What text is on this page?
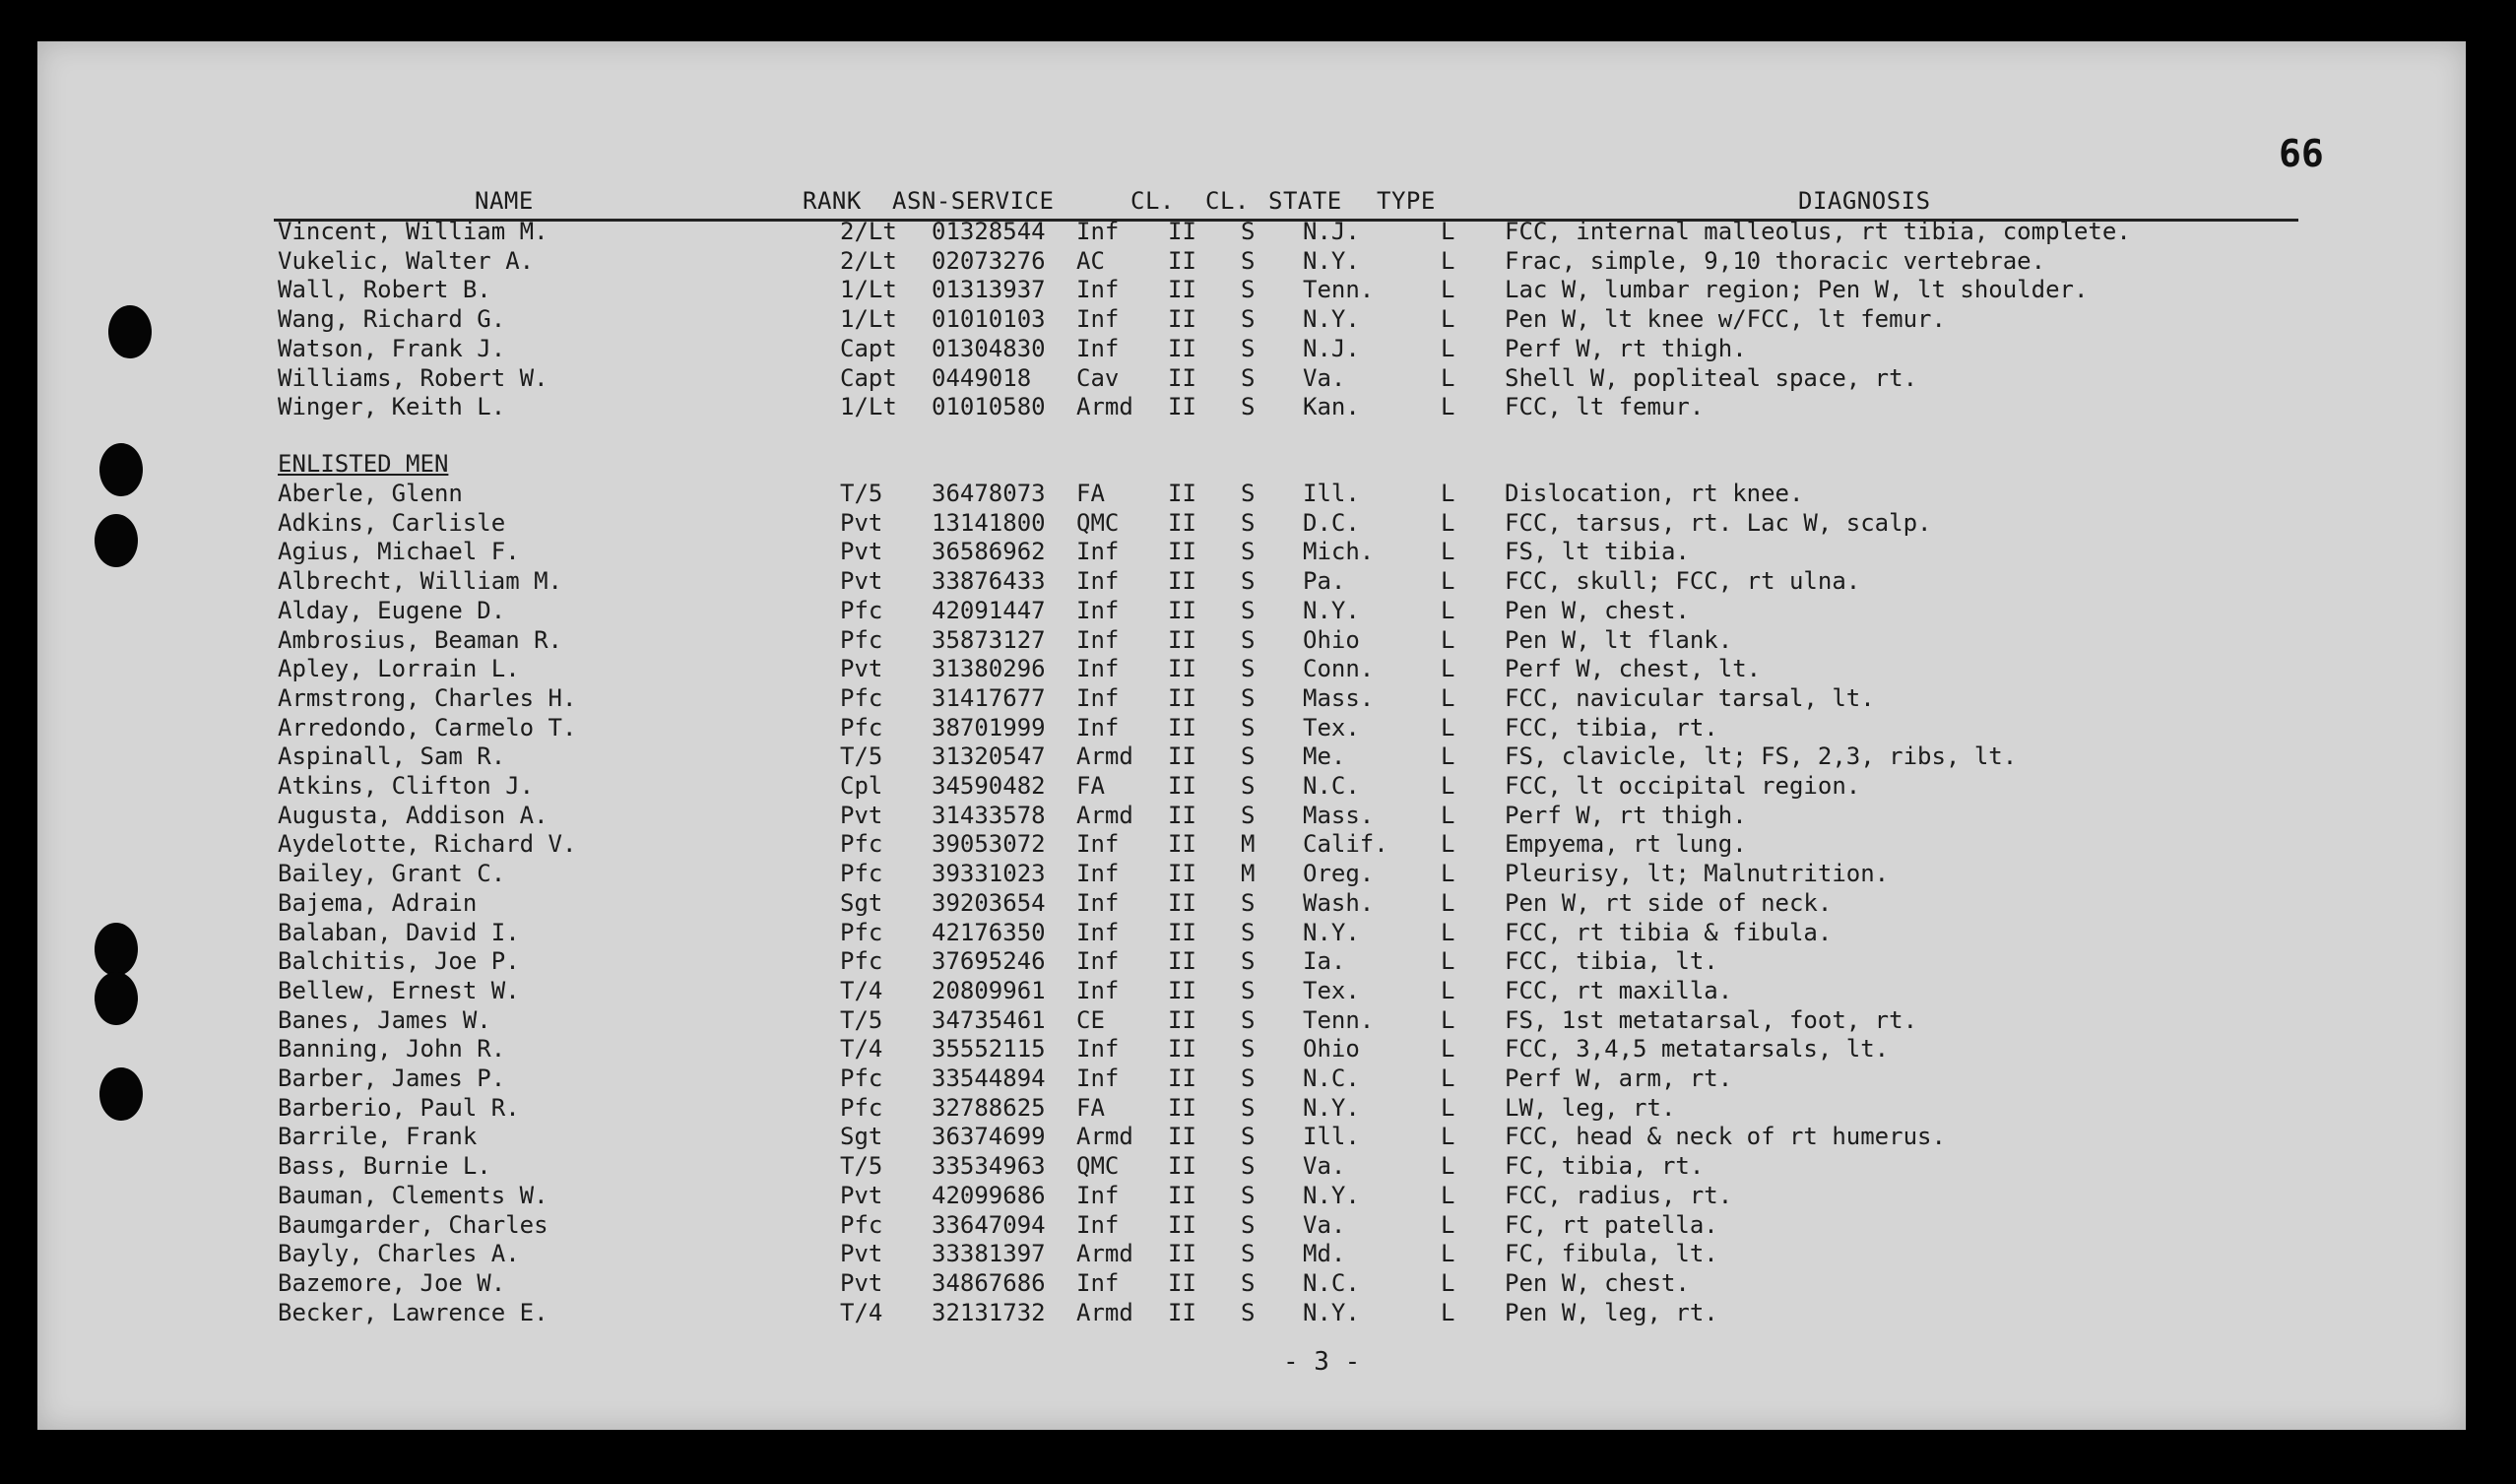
66
NAME	RANK ASN-SERVICE	CL. CL. STATE TYPE	DIAGNOSIS
Vincent, William M.	2/Lt 01328544 Inf II S N.J.	L FCC, internal malleolus, rt tibia, complete.
Vukelic, Walter A.	2/Lt 02073276 AC	II S N.Y.	L Frac, simple, 9,10 thoracic vertebrae.
Wall, Robert B.	1/Lt 01313937 Inf II S Tenn.	L Lac W, lumbar region; Pen W, lt shoulder.
Wang, Richard G.	1/Lt 01010103 Inf II S N.Y.	L Pen W, lt knee w/FCC, lt femur.
Watson, Frank J.	Capt 01304830 Inf II S N.J.	L Perf W, rt thigh.
Williams, Robert W.	Capt 0449018 Cav II S Va.	L Shell W, popliteal space, rt.
Winger, Keith L.	1/Lt 01010580 Armd II S Kan.	L FCC, lt femur.
ENLISTED MEN
Aberle, Glenn	T/5 36478073 FA	II S Ill.	L Dislocation, rt knee.
Adkins, Carlisle	Pvt 13141800 QMC II S D.C.	L FCC, tarsus, rt. Lac W, scalp.
Agius, Michael F.	Pvt 36586962 Inf II S Mich.	L FS, lt tibia.
Albrecht, William M.	Pvt 33876433 Inf II S Pa.	L FCC, skull; FCC, rt ulna.
Alday, Eugene D.	Pfc 42091447 Inf II S N.Y.	L Pen W, chest.
Ambrosius, Beaman R.	Pfc 35873127 Inf II S Ohio	L Pen W, lt flank.
Apley, Lorrain L.	Pvt 31380296 Inf II S Conn.	L Perf W, chest, lt.
Armstrong, Charles H.	Pfc 31417677 Inf II S Mass.	L FCC, navicular tarsal, lt.
Arredondo, Carmelo T.	Pfc 38701999 Inf II S Tex.	L FCC, tibia, rt.
Aspinall, Sam R.	T/5 31320547 Armd II S Me.	L FS, clavicle, lt; FS, 2,3, ribs, lt.
Atkins, Clifton J.	Cpl 34590482 FA	II S N.C.	L FCC, lt occipital region.
Augusta, Addison A.	Pvt 31433578 Armd II S Mass.	L Perf W, rt thigh.
Aydelotte, Richard V.	Pfc 39053072 Inf II M Calif. L Empyema, rt lung.
Bailey, Grant C.	Pfc 39331023 Inf II M Oreg.	L Pleurisy, lt; Malnutrition.
Bajema, Adrain	Sgt 39203654 Inf II S Wash.	L Pen W, rt side of neck.
Balaban, David I.	Pfc 42176350 Inf II S N.Y.	L FCC, rt tibia & fibula.
Balchitis, Joe P.	Pfc 37695246 Inf II S Ia.	L FCC, tibia, lt.
Bellew, Ernest W.	T/4 20809961 Inf II S Tex.	L FCC, rt maxilla.
Banes, James W.	T/5 34735461 CE	II S Tenn.	L FS, 1st metatarsal, foot, rt.
Banning, John R.	T/4 35552115 Inf II S Ohio	L FCC, 3,4,5 metatarsals, lt.
Barber, James P.	Pfc 33544894 Inf II S N.C.	L Perf W, arm, rt.
Barberio, Paul R.	Pfc 32788625 FA	II S N.Y.	L LW, leg, rt.
Barrile, Frank	Sgt 36374699 Armd II S Ill.	L FCC, head & neck of rt humerus.
Bass, Burnie L.	T/5 33534963 QMC II S Va.	L FC, tibia, rt.
Bauman, Clements W.	Pvt 42099686 Inf II S N.Y.	L FCC, radius, rt.
Baumgarder, Charles	Pfc 33647094 Inf II S Va.	L FC, rt patella.
Bayly, Charles A.	Pvt 33381397 Armd II S Md.	L FC, fibula, lt.
Bazemore, Joe W.	Pvt 34867686 Inf II S N.C.	L Pen W, chest.
Becker, Lawrence E.	T/4 32131732 Armd II S N.Y.	L Pen W, leg, rt.
- 3 -
